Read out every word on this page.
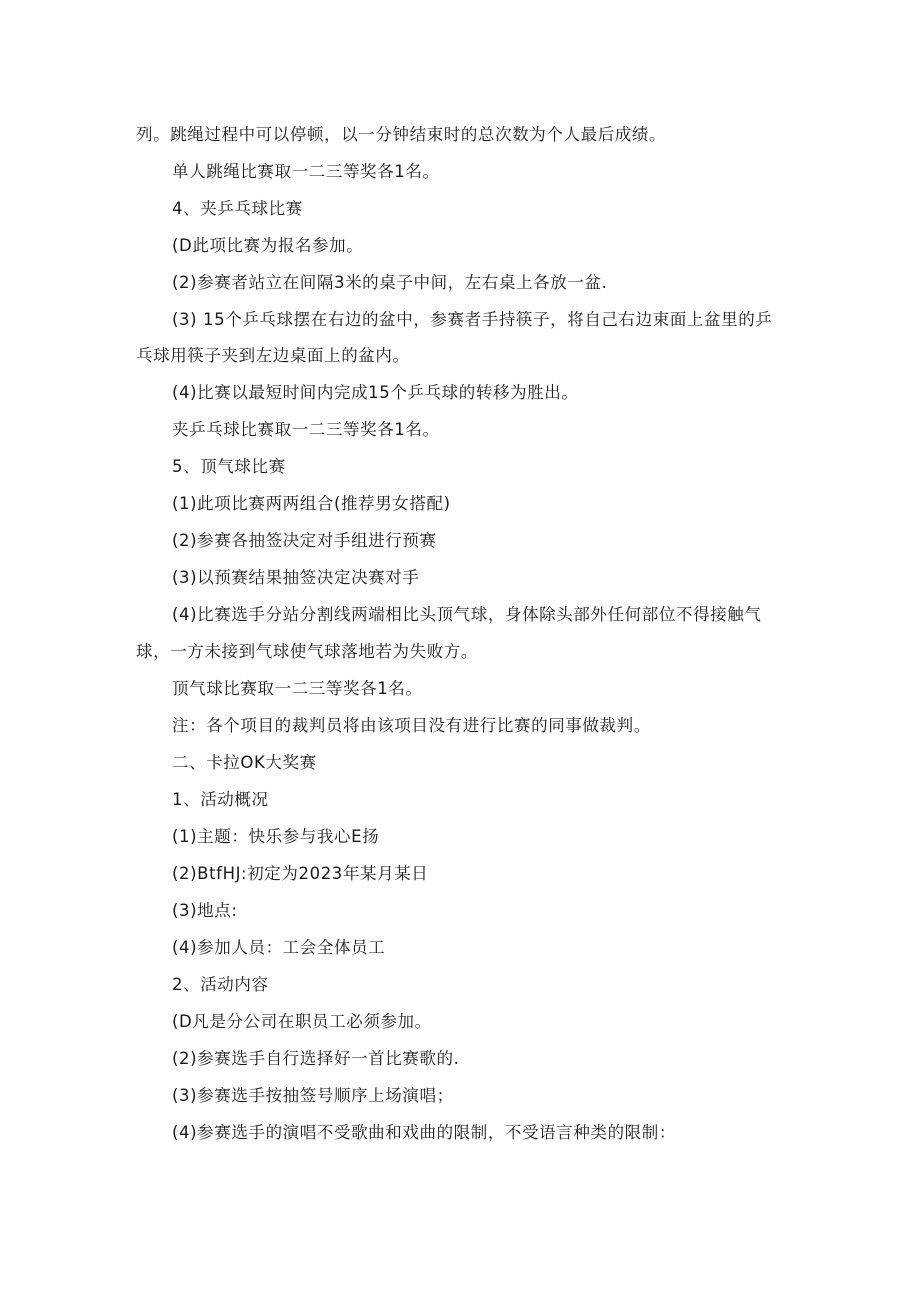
列。跳绳过程中可以停顿，以一分钟结束时的总次数为个人最后成绩。
单人跳绳比赛取一二三等奖各1名。
4、夹乒乓球比赛
(D此项比赛为报名参加。
(2)参赛者站立在间隔3米的桌子中间，左右桌上各放一盆.
(3) 15个乒乓球摆在右边的盆中，参赛者手持筷子，将自己右边束面上盆里的乒
乓球用筷子夹到左边桌面上的盆内。
(4)比赛以最短时间内完成15个乒乓球的转移为胜出。
夹乒乓球比赛取一二三等奖各1名。
5、顶气球比赛
(1)此项比赛两两组合(推荐男女搭配)
(2)参赛各抽签决定对手组进行预赛
(3)以预赛结果抽签决定决赛对手
(4)比赛选手分站分割线两端相比头顶气球，身体除头部外任何部位不得接触气
球，一方未接到气球使气球落地若为失败方。
顶气球比赛取一二三等奖各1名。
注：各个项目的裁判员将由该项目没有进行比赛的同事做裁判。
二、卡拉OK大奖赛
1、活动概况
(1)主题：快乐参与我心E扬
(2)BtfHJ:初定为2023年某月某日
(3)地点:
(4)参加人员：工会全体员工
2、活动内容
(D凡是分公司在职员工必须参加。
(2)参赛选手自行选择好一首比赛歌的.
(3)参赛选手按抽签号顺序上场演唱；
(4)参赛选手的演唱不受歌曲和戏曲的限制，不受语言种类的限制：
